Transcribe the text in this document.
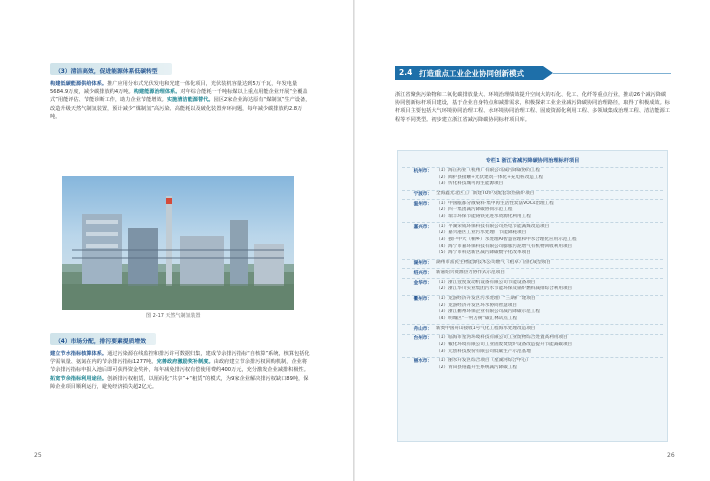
（3）清洁高效，促进能源体系低碳转型
构建低碳能源供给体系。推广应用分布式光伏发电和光建一体化项目，光伏装机容量达到5万千瓦，年发电量5684.9万度，减少碳排放约4万吨。构建能源治理体系。对年综合能耗一千吨标煤以上重点用能企业开展“全覆盖式”用能评估、节能诊断工作，助力企业节能增效。实施清洁能源替代。园区2家企业海达原有“煤制氢”生产设备，改造升级天然气制氢装置，预计减少“煤制氢”高污染、高能耗以及破化装置弃环问题，每年减少碳排放约2.8万吨。
图 2-17 天然气制氢装置
（4）市场分配，排污要素提质增效
建立节水指标核算体系。通过污染源在线监控和排污许可数据归集，建成节余排污指标“自核算”系统，核算包括化学需氧量、氨氮在内的节余排污指标1277吨。完善政府激励奖补制度。由政府建立节余排污权回购机制，企业将节余排污指标申报入池后即可获得资金奖补，每年减免排污权有偿使用费约400万元，充分激发企业减排积极性。拓宽节余指标利用途径。创新排污权租赁，以厘码化“共享”+“租赁”的模式，为9家企业解决排污权缺口89吨，保障企业项目顺利运行，避免经济损失超2亿元。
25
2.4 打造重点工业企业协同创新模式
浙江省聚焦污染物和二氧化碳排放量大、环境治理绩效提升空间大的石化、化工、化纤等重点行业，推动26个减污降碳协同创新标杆项目建设，基于企业自身特点和减排需求，积极探索工业企业减污降碳协同治理路径，取得了积极成效。标杆项目主要包括大气环境协同治理工程、水环境协同治理工程、固废资源化利用工程、多领域集成治理工程、清洁能源工程等不同类型。初步建立浙江省减污降碳协同标杆项目库。
专栏1 浙江省减污降碳协同治理标杆项目
杭州市： （1）海正药业（杭州）有限公司减污降碳协同工程
（2）阀护县接触+光伏建筑一体化+充电桩改造工程
（3）传化科技城可再生能源项目
宁波市： 全海鑫光北区工厂新建TO炉及配套余热锅炉项目
温州市： （1）中国瓯都分散染料·集中再生活性炭法VOCs治理工程
（2）四一集团减污降碳协同示范工程
（3）瑞丰环保节能铸铁先进水资源化利用工程
嘉兴市： （1）平湖荣成环保科技有限公司热电节能减煤改造项目
（2）嘉兴港区工业污水处理厂节能降耗项目
（3）独户中大（桐乡）水处理AI智慧管理和中水合理化应用示范工程
（4）海宁市嘉环保科技有限公司膨胀污泥增气有机物回收利用项目
（5）海宁市科达新区减污降碳数字化改革项目
湖州市： 湖州市富民生物能源技术公司燃气（粗草）固化成型项目
绍兴市： 新嘉绍兴资源热力协作式示范项目
金华市： （1）浙江壹度发动机设备有限公司节能设备项目
（2）浙江华川实业集团污水节能环保及锅炉燃料减排综合利用项目
衢州市： （1）龙游经济开发区污水处理厂“三期扩”建项目
（2）龙游经济开发区环水协同智慧项目
（3）浙江衢州环保企业有限公司减污降碳示范工程
（4）明城区“一村万树”碳汇林试点工程
舟山市： 新奥中国舟山接收1号气化工程海水处理改造项目
台州市： （1）临海市星河环境科技有限公司工业废物综合处置高利用项目
（2）椒化环境有限公司工业固废焚烧炉设备改造提升节能减碳项目
（3）元创科技股份有限公司低碳生产示范基地
丽水市： （1）丽水开发区综合项目（星湖河综合中心）
（2）青田县铬鑫开生系统减污降碳工程
26
